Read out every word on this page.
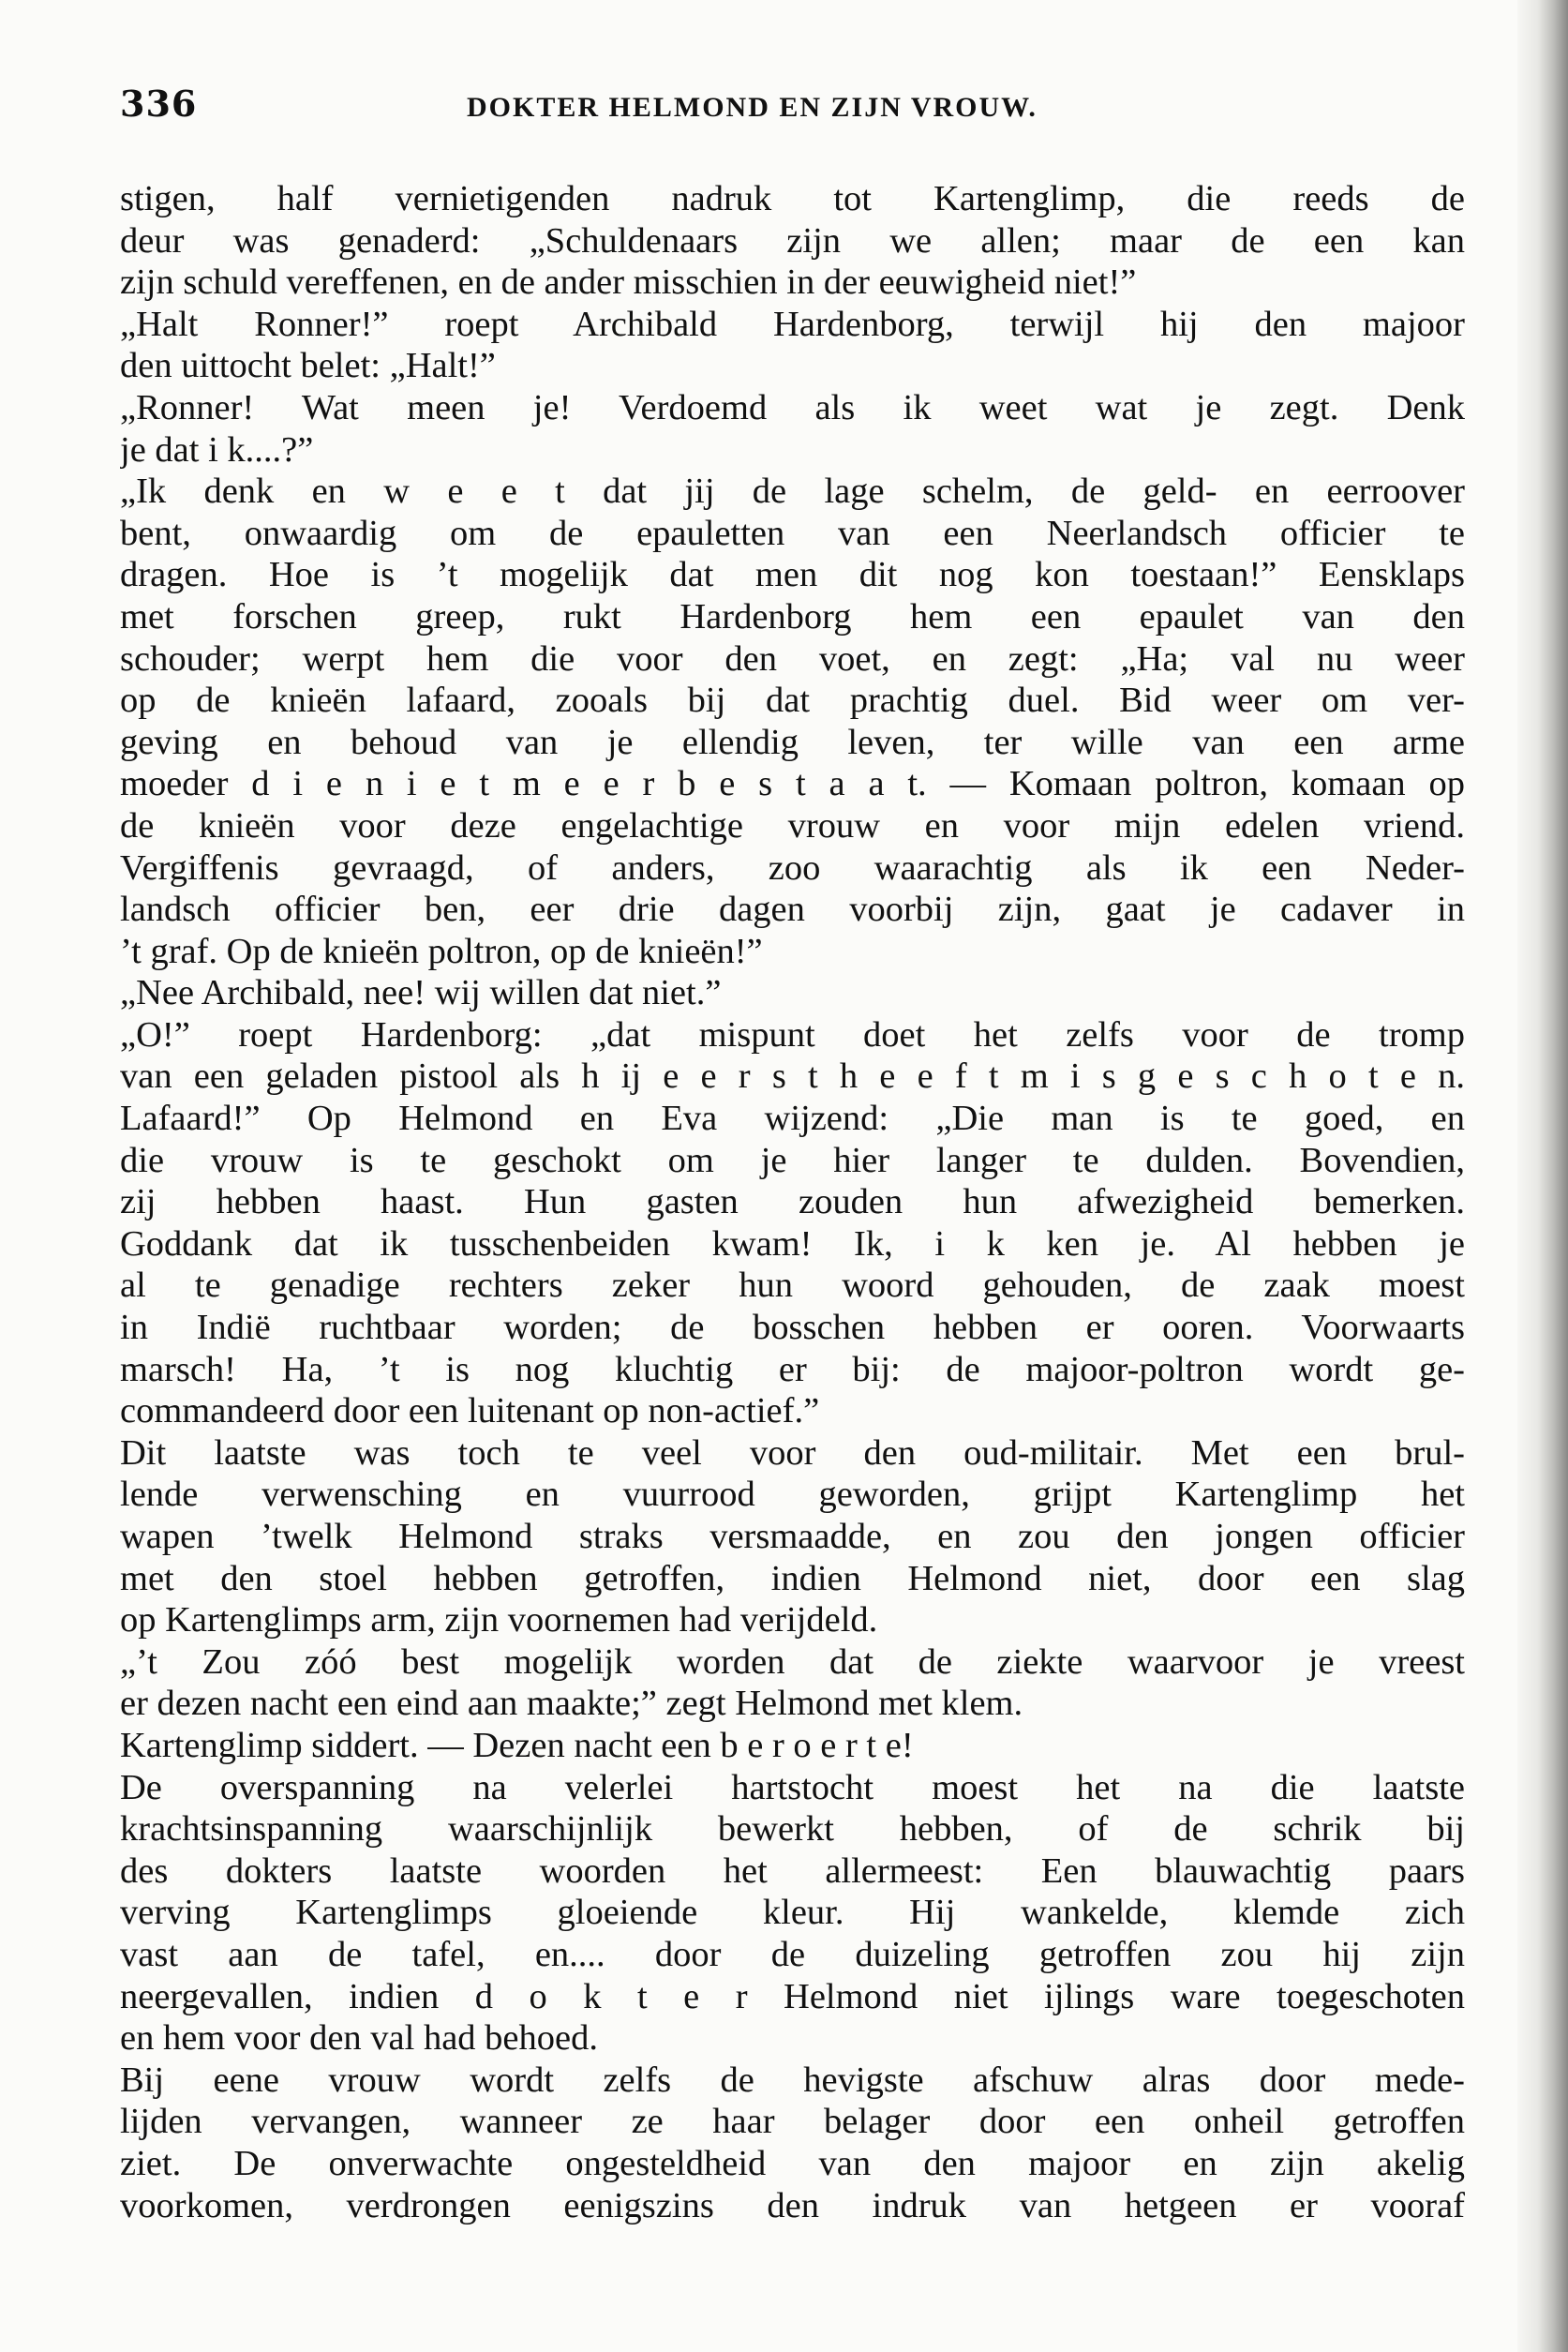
336	DOKTER HELMOND EN ZIJN VROUW.
stigen, half vernietigenden nadruk tot Kartenglimp, die reeds de
deur was genaderd: „Schuldenaars zijn we allen; maar de een kan
zijn schuld vereffenen, en de ander misschien in der eeuwigheid niet!”
„Halt Ronner!” roept Archibald Hardenborg, terwijl hij den majoor
den uittocht belet: „Halt!”
„Ronner! Wat meen je! Verdoemd als ik weet wat je zegt. Denk
je dat i k....?”
„Ik denk en w e e t dat jij de lage schelm, de geld- en eerroover
bent, onwaardig om de epauletten van een Neerlandsch officier te
dragen. Hoe is ’t mogelijk dat men dit nog kon toestaan!” Eensklaps
met forschen greep, rukt Hardenborg hem een epaulet van den
schouder; werpt hem die voor den voet, en zegt: „Ha; val nu weer
op de knieën lafaard, zooals bij dat prachtig duel. Bid weer om ver-
geving en behoud van je ellendig leven, ter wille van een arme
moeder d i e n i e t m e e r b e s t a a t. — Komaan poltron, komaan op
de knieën voor deze engelachtige vrouw en voor mijn edelen vriend.
Vergiffenis gevraagd, of anders, zoo waarachtig als ik een Neder-
landsch officier ben, eer drie dagen voorbij zijn, gaat je cadaver in
’t graf. Op de knieën poltron, op de knieën!”
„Nee Archibald, nee! wij willen dat niet.”
„O!” roept Hardenborg: „dat mispunt doet het zelfs voor de tromp
van een geladen pistool als h ij e e r s t h e e f t m i s g e s c h o t e n.
Lafaard!” Op Helmond en Eva wijzend: „Die man is te goed, en
die vrouw is te geschokt om je hier langer te dulden. Bovendien,
zij hebben haast. Hun gasten zouden hun afwezigheid bemerken.
Goddank dat ik tusschenbeiden kwam! Ik, i k ken je. Al hebben je
al te genadige rechters zeker hun woord gehouden, de zaak moest
in Indië ruchtbaar worden; de bosschen hebben er ooren. Voorwaarts
marsch! Ha, ’t is nog kluchtig er bij: de majoor-poltron wordt ge-
commandeerd door een luitenant op non-actief.”
Dit laatste was toch te veel voor den oud-militair. Met een brul-
lende verwensching en vuurrood geworden, grijpt Kartenglimp het
wapen ’twelk Helmond straks versmaadde, en zou den jongen officier
met den stoel hebben getroffen, indien Helmond niet, door een slag
op Kartenglimps arm, zijn voornemen had verijdeld.
„’t Zou zóó best mogelijk worden dat de ziekte waarvoor je vreest
er dezen nacht een eind aan maakte;” zegt Helmond met klem.
Kartenglimp siddert. — Dezen nacht een b e r o e r t e!
De overspanning na velerlei hartstocht moest het na die laatste
krachtsinspanning waarschijnlijk bewerkt hebben, of de schrik bij
des dokters laatste woorden het allermeest: Een blauwachtig paars
verving Kartenglimps gloeiende kleur. Hij wankelde, klemde zich
vast aan de tafel, en.... door de duizeling getroffen zou hij zijn
neergevallen, indien d o k t e r Helmond niet ijlings ware toegeschoten
en hem voor den val had behoed.
Bij eene vrouw wordt zelfs de hevigste afschuw alras door mede-
lijden vervangen, wanneer ze haar belager door een onheil getroffen
ziet. De onverwachte ongesteldheid van den majoor en zijn akelig
voorkomen, verdrongen eenigszins den indruk van hetgeen er vooraf
